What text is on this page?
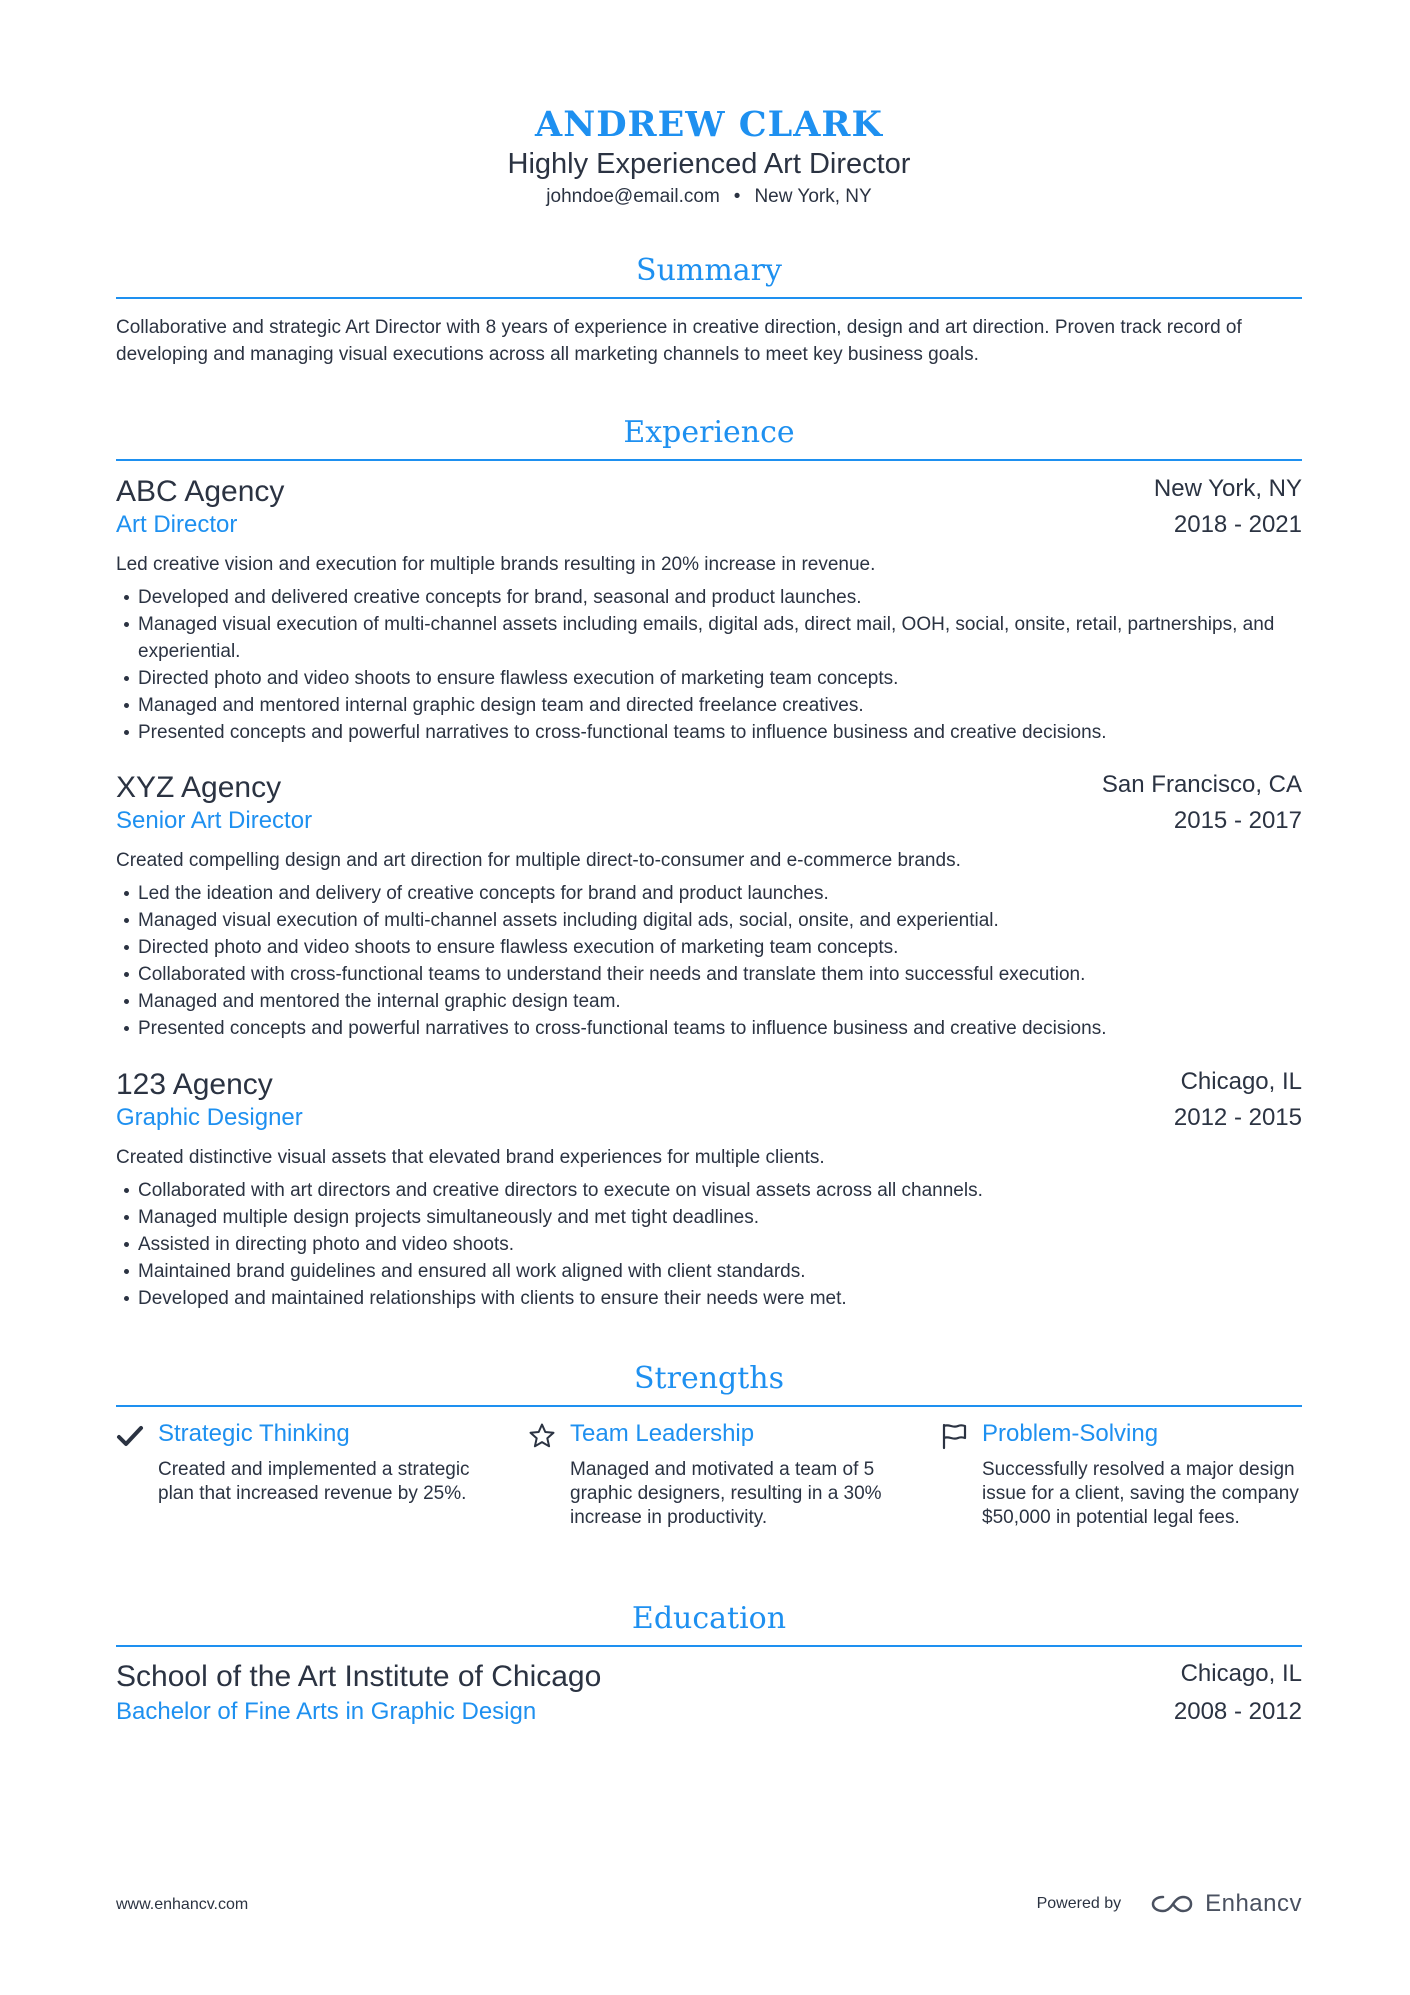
ANDREW CLARK
Highly Experienced Art Director
johndoe@email.com • New York, NY
Summary
Collaborative and strategic Art Director with 8 years of experience in creative direction, design and art direction. Proven track record of developing and managing visual executions across all marketing channels to meet key business goals.
Experience
ABC Agency	New York, NY
Art Director	2018 - 2021
Led creative vision and execution for multiple brands resulting in 20% increase in revenue.
Developed and delivered creative concepts for brand, seasonal and product launches.
Managed visual execution of multi-channel assets including emails, digital ads, direct mail, OOH, social, onsite, retail, partnerships, and experiential.
Directed photo and video shoots to ensure flawless execution of marketing team concepts.
Managed and mentored internal graphic design team and directed freelance creatives.
Presented concepts and powerful narratives to cross-functional teams to influence business and creative decisions.
XYZ Agency	San Francisco, CA
Senior Art Director	2015 - 2017
Created compelling design and art direction for multiple direct-to-consumer and e-commerce brands.
Led the ideation and delivery of creative concepts for brand and product launches.
Managed visual execution of multi-channel assets including digital ads, social, onsite, and experiential.
Directed photo and video shoots to ensure flawless execution of marketing team concepts.
Collaborated with cross-functional teams to understand their needs and translate them into successful execution.
Managed and mentored the internal graphic design team.
Presented concepts and powerful narratives to cross-functional teams to influence business and creative decisions.
123 Agency	Chicago, IL
Graphic Designer	2012 - 2015
Created distinctive visual assets that elevated brand experiences for multiple clients.
Collaborated with art directors and creative directors to execute on visual assets across all channels.
Managed multiple design projects simultaneously and met tight deadlines.
Assisted in directing photo and video shoots.
Maintained brand guidelines and ensured all work aligned with client standards.
Developed and maintained relationships with clients to ensure their needs were met.
Strengths
Strategic Thinking
Created and implemented a strategic plan that increased revenue by 25%.
Team Leadership
Managed and motivated a team of 5 graphic designers, resulting in a 30% increase in productivity.
Problem-Solving
Successfully resolved a major design issue for a client, saving the company $50,000 in potential legal fees.
Education
School of the Art Institute of Chicago	Chicago, IL
Bachelor of Fine Arts in Graphic Design	2008 - 2012
www.enhancv.com	Powered by	Enhancv
